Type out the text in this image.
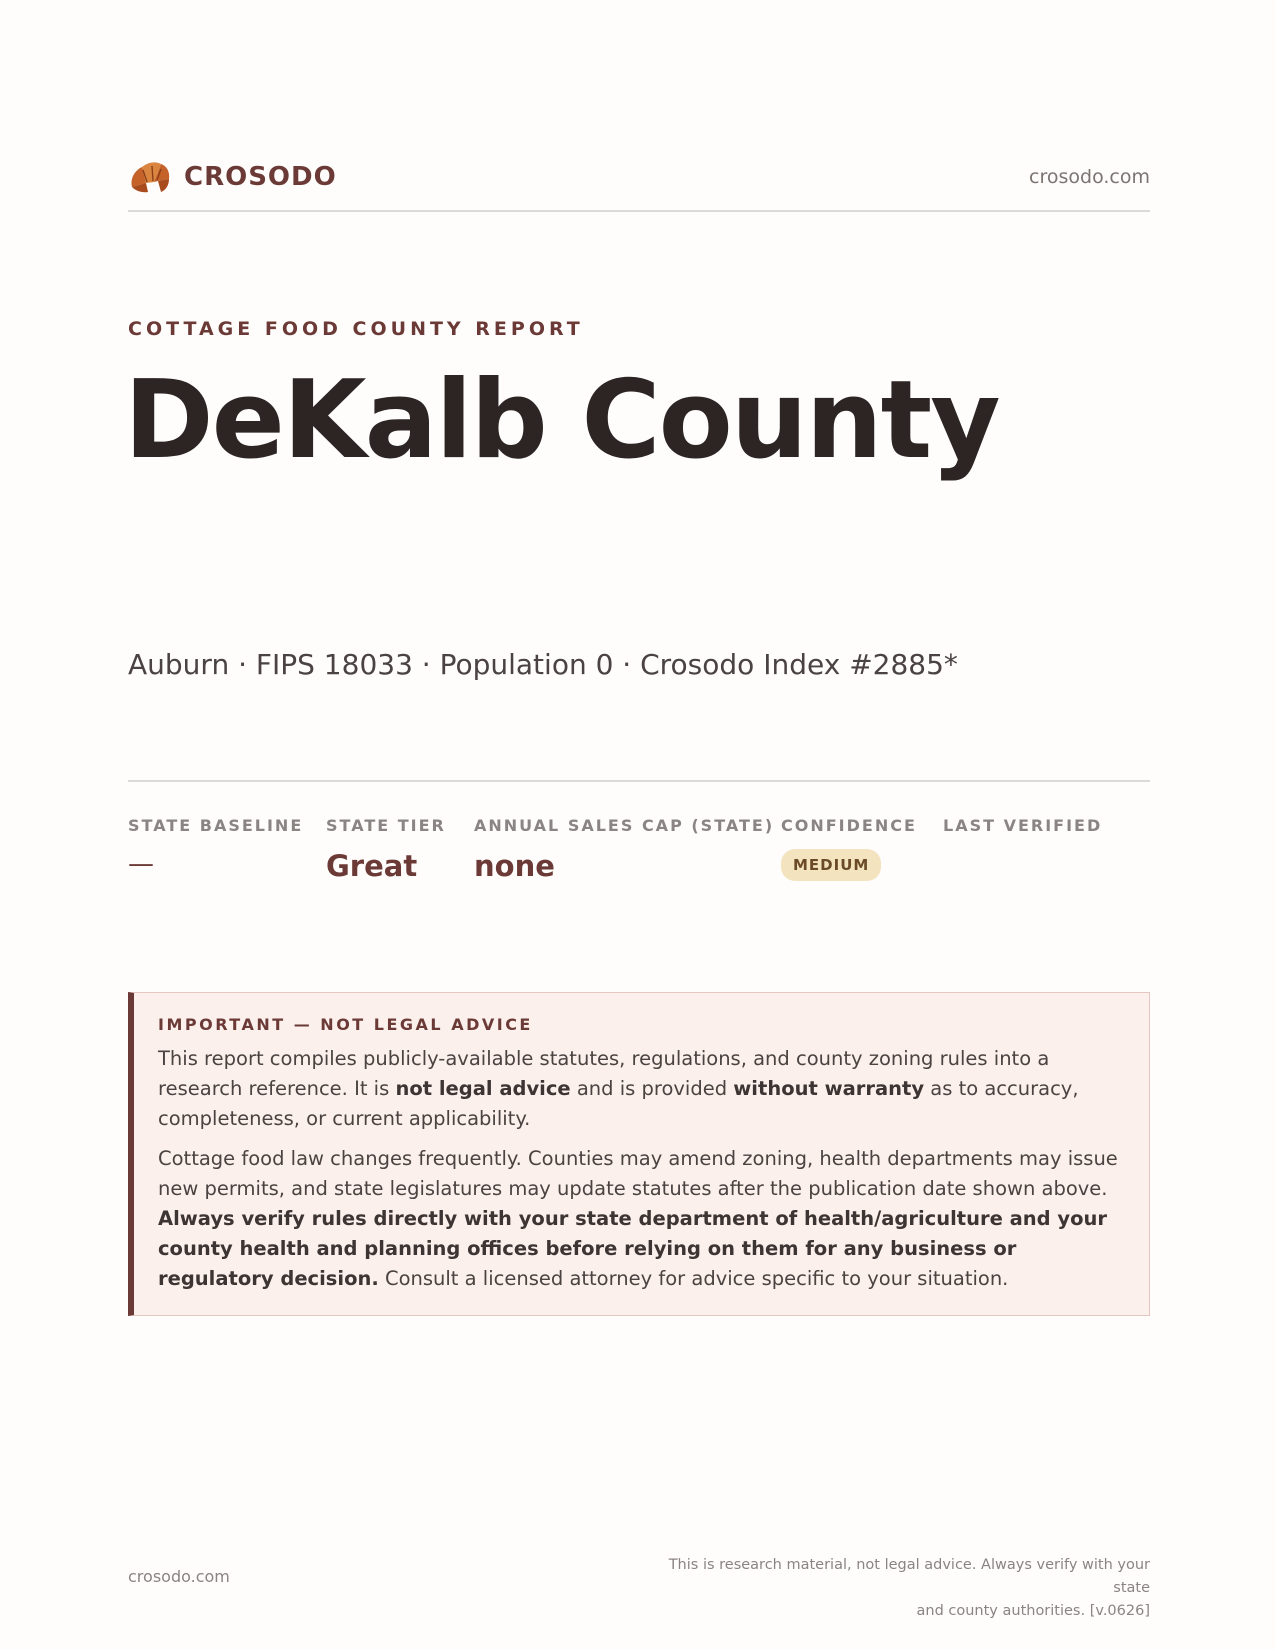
CROSODO	crosodo.com
COTTAGE FOOD COUNTY REPORT
DeKalb County
Auburn · FIPS 18033 · Population 0 · Crosodo Index #2885*
STATE BASELINE
—
STATE TIER
Great
ANNUAL SALES CAP (STATE)
none
CONFIDENCE
MEDIUM
LAST VERIFIED
IMPORTANT — NOT LEGAL ADVICE

This report compiles publicly-available statutes, regulations, and county zoning rules into a research reference. It is not legal advice and is provided without warranty as to accuracy, completeness, or current applicability.

Cottage food law changes frequently. Counties may amend zoning, health departments may issue new permits, and state legislatures may update statutes after the publication date shown above. Always verify rules directly with your state department of health/agriculture and your county health and planning offices before relying on them for any business or regulatory decision. Consult a licensed attorney for advice specific to your situation.

crosodo.com
This is research material, not legal advice. Always verify with your state
and county authorities. [v.0626]
